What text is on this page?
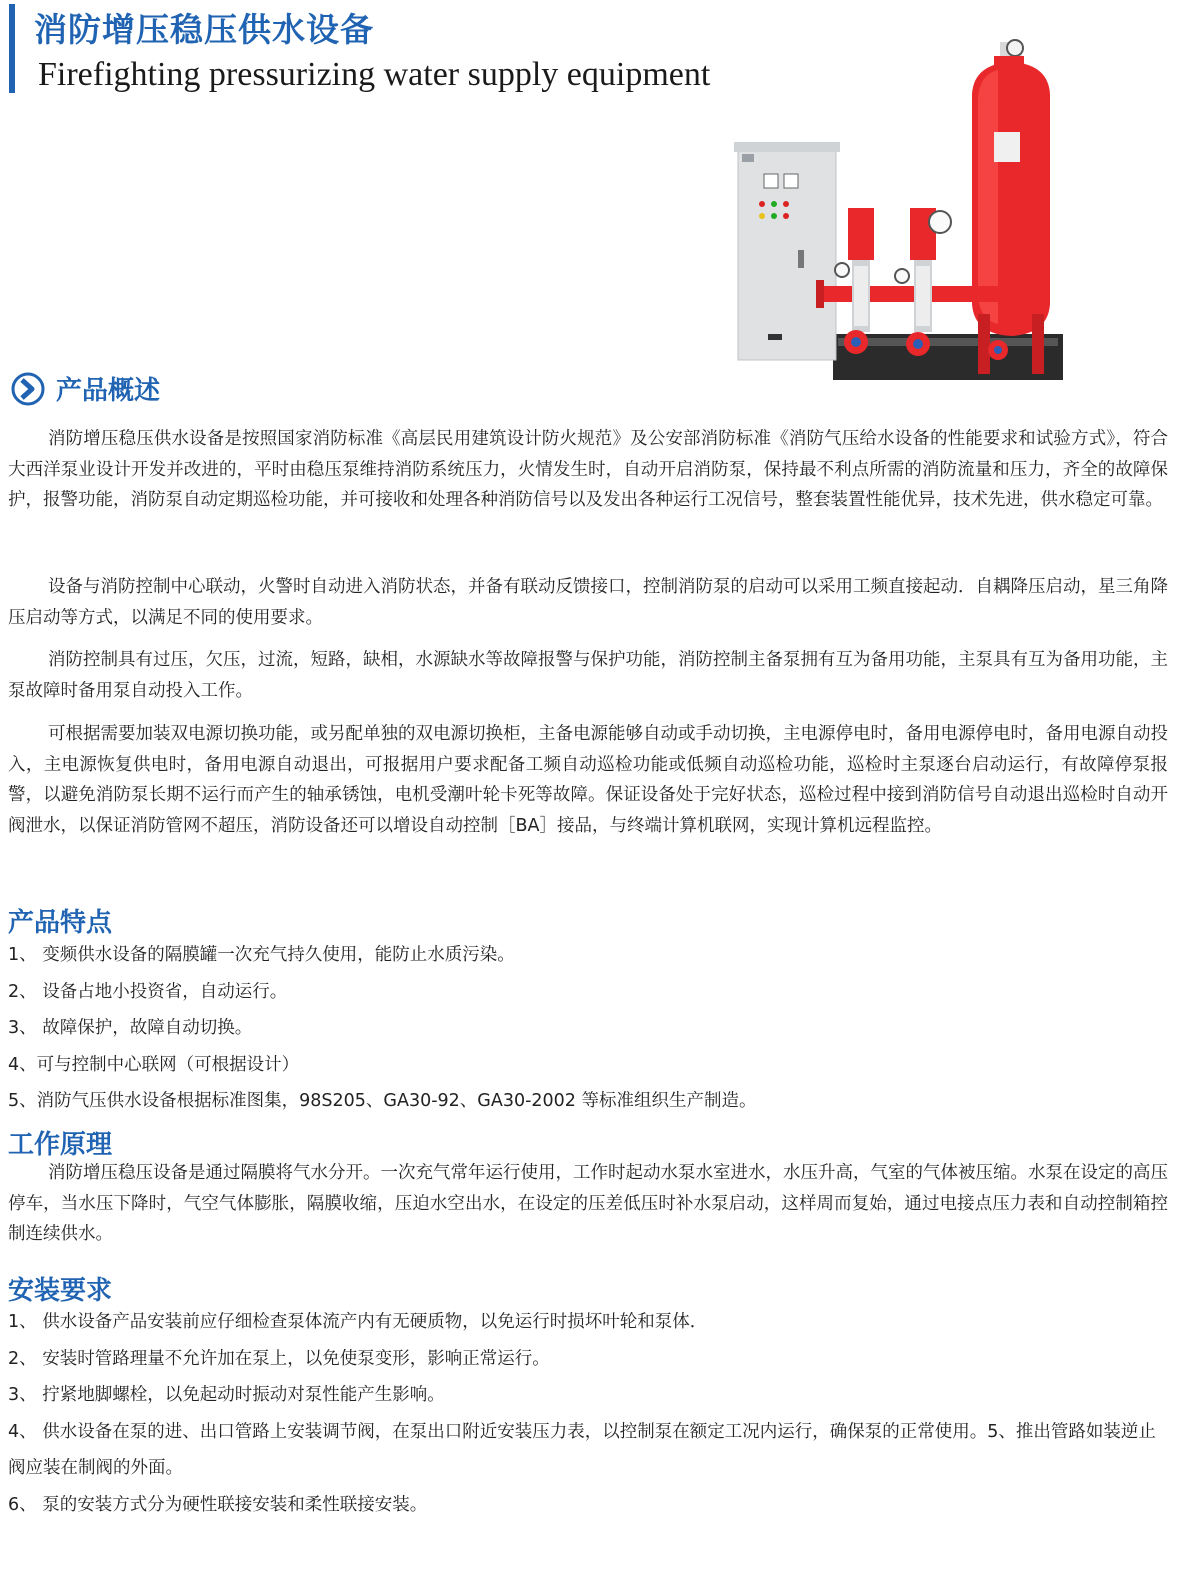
消防增压稳压供水设备
Firefighting pressurizing water supply equipment
产品概述

消防增压稳压供水设备是按照国家消防标准《高层民用建筑设计防火规范》及公安部消防标准《消防气压给水设备的性能要求和试验方式》，符合大西洋泵业设计开发并改进的，平时由稳压泵维持消防系统压力，火情发生时，自动开启消防泵，保持最不利点所需的消防流量和压力，齐全的故障保护，报警功能，消防泵自动定期巡检功能，并可接收和处理各种消防信号以及发出各种运行工况信号，整套装置性能优异，技术先进，供水稳定可靠。

设备与消防控制中心联动，火警时自动进入消防状态，并备有联动反馈接口，控制消防泵的启动可以采用工频直接起动．自耦降压启动，星三角降压启动等方式，以满足不同的使用要求。

消防控制具有过压，欠压，过流，短路，缺相，水源缺水等故障报警与保护功能，消防控制主备泵拥有互为备用功能，主泵具有互为备用功能，主泵故障时备用泵自动投入工作。

可根据需要加装双电源切换功能，或另配单独的双电源切换柜，主备电源能够自动或手动切换，主电源停电时，备用电源停电时，备用电源自动投入，主电源恢复供电时，备用电源自动退出，可报据用户要求配备工频自动巡检功能或低频自动巡检功能，巡检时主泵逐台启动运行，有故障停泵报警，以避免消防泵长期不运行而产生的轴承锈蚀，电机受潮叶轮卡死等故障。保证设备处于完好状态，巡检过程中接到消防信号自动退出巡检时自动开阀泄水，以保证消防管网不超压，消防设备还可以增设自动控制［BA］接品，与终端计算机联网，实现计算机远程监控。

产品特点
1、 变频供水设备的隔膜罐一次充气持久使用，能防止水质污染。
2、 设备占地小投资省，自动运行。
3、 故障保护，故障自动切换。
4、可与控制中心联网（可根据设计）
5、消防气压供水设备根据标准图集，98S205、GA30-92、GA30-2002 等标准组织生产制造。
工作原理

消防增压稳压设备是通过隔膜将气水分开。一次充气常年运行使用，工作时起动水泵水室进水，水压升高，气室的气体被压缩。水泵在设定的高压停车，当水压下降时，气空气体膨胀，隔膜收缩，压迫水空出水，在设定的压差低压时补水泵启动，这样周而复始，通过电接点压力表和自动控制箱控制连续供水。

安装要求
1、 供水设备产品安装前应仔细检查泵体流产内有无硬质物，以免运行时损坏叶轮和泵体．
2、 安装时管路理量不允许加在泵上，以免使泵变形，影响正常运行。
3、 拧紧地脚螺栓，以免起动时振动对泵性能产生影响。
4、 供水设备在泵的进、出口管路上安装调节阀，在泵出口附近安装压力表，以控制泵在额定工况内运行，确保泵的正常使用。5、推出管路如装逆止阀应装在制阀的外面。
6、 泵的安装方式分为硬性联接安装和柔性联接安装。
